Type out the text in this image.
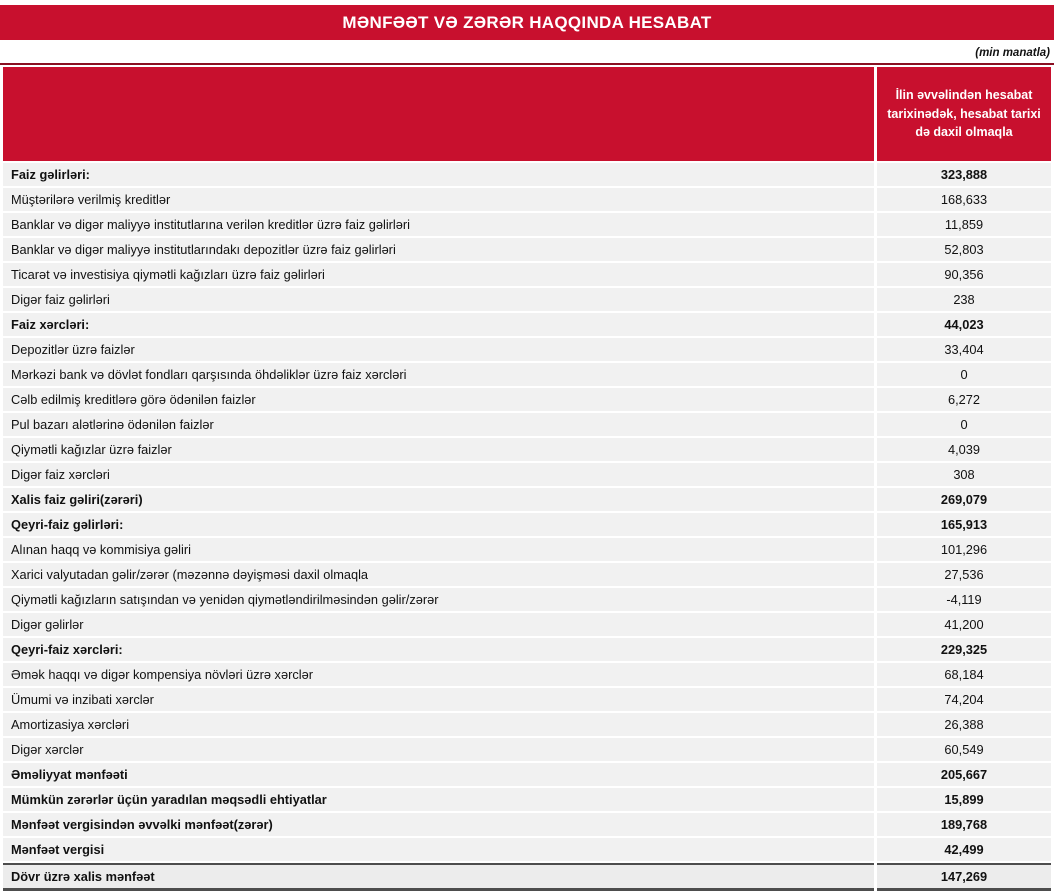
MƏNFƏƏT VƏ ZƏRƏR HAQQINDA HESABAT
(min manatla)
	İlin əvvəlindən hesabat tarixinədək, hesabat tarixi də daxil olmaqla
Faiz gəlirləri:	323,888
Müştərilərə verilmiş kreditlər	168,633
Banklar və digər maliyyə institutlarına verilən kreditlər üzrə faiz gəlirləri	11,859
Banklar və digər maliyyə institutlarındakı depozitlər üzrə faiz gəlirləri	52,803
Ticarət və investisiya qiymətli kağızları üzrə faiz gəlirləri	90,356
Digər faiz gəlirləri	238
Faiz xərcləri:	44,023
Depozitlər üzrə faizlər	33,404
Mərkəzi bank və dövlət fondları qarşısında öhdəliklər üzrə faiz xərcləri	0
Cəlb edilmiş kreditlərə görə ödənilən faizlər	6,272
Pul bazarı alətlərinə ödənilən faizlər	0
Qiymətli kağızlar üzrə faizlər	4,039
Digər faiz xərcləri	308
Xalis faiz gəliri(zərəri)	269,079
Qeyri-faiz gəlirləri:	165,913
Alınan haqq və kommisiya gəliri	101,296
Xarici valyutadan gəlir/zərər (məzənnə dəyişməsi daxil olmaqla	27,536
Qiymətli kağızların satışından və yenidən qiymətləndirilməsindən gəlir/zərər	-4,119
Digər gəlirlər	41,200
Qeyri-faiz xərcləri:	229,325
Əmək haqqı və digər kompensiya növləri üzrə xərclər	68,184
Ümumi və inzibati xərclər	74,204
Amortizasiya xərcləri	26,388
Digər xərclər	60,549
Əməliyyat mənfəəti	205,667
Mümkün zərərlər üçün yaradılan məqsədli ehtiyatlar	15,899
Mənfəət vergisindən əvvəlki mənfəət(zərər)	189,768
Mənfəət vergisi	42,499
Dövr üzrə xalis mənfəət	147,269
